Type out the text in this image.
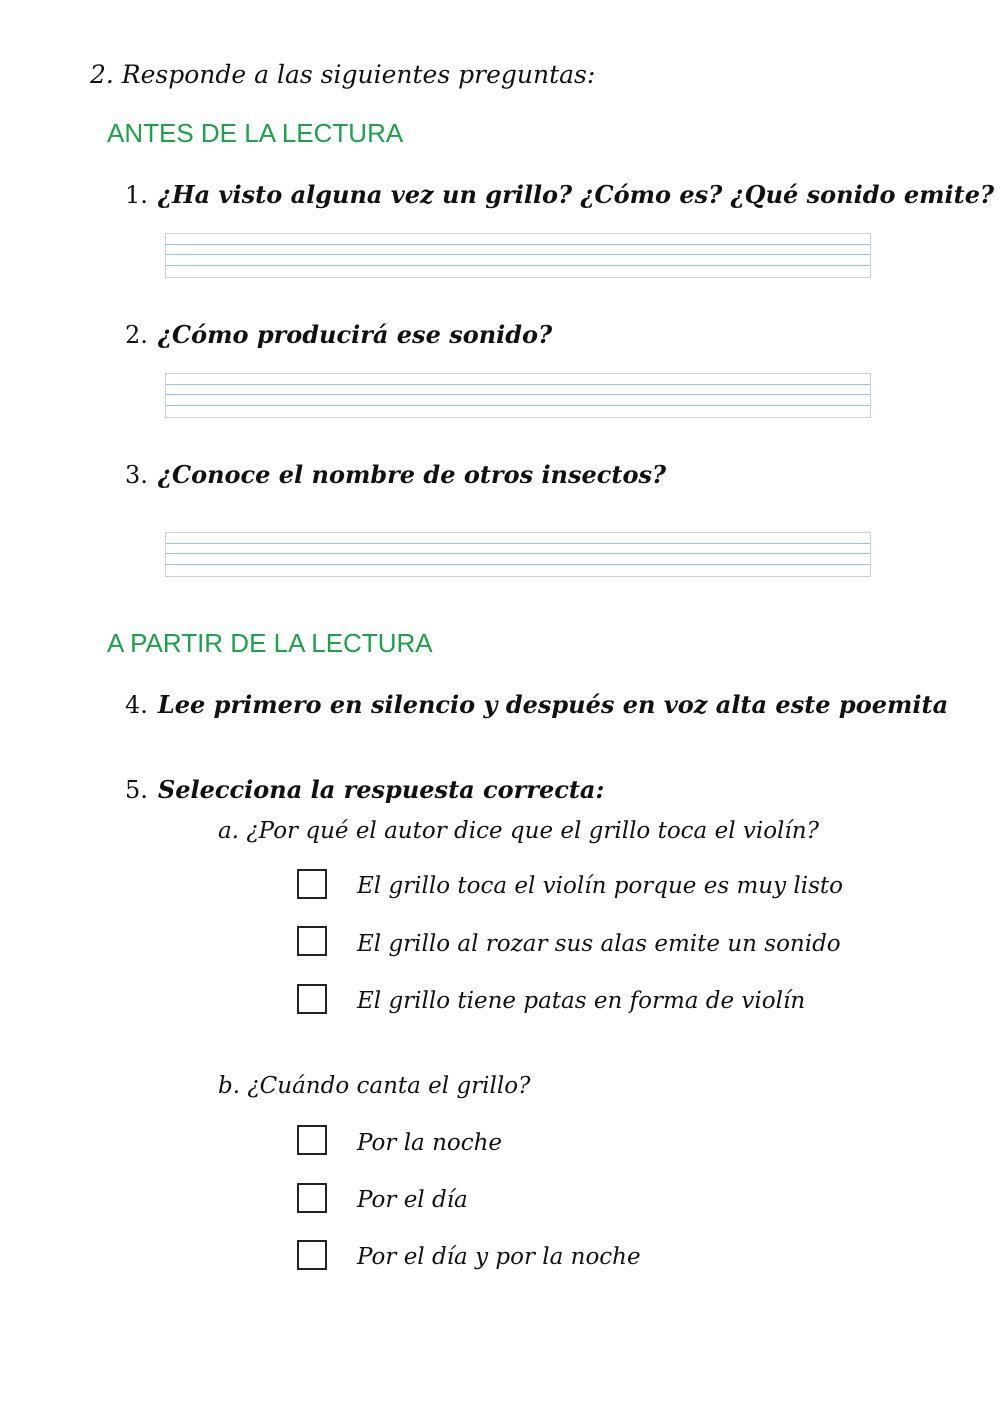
2. Responde a las siguientes preguntas:
ANTES DE LA LECTURA
1. ¿Ha visto alguna vez un grillo? ¿Cómo es? ¿Qué sonido emite?
2. ¿Cómo producirá ese sonido?
3. ¿Conoce el nombre de otros insectos?
A PARTIR DE LA LECTURA
4. Lee primero en silencio y después en voz alta este poemita
5. Selecciona la respuesta correcta:
a. ¿Por qué el autor dice que el grillo toca el violín?
El grillo toca el violín porque es muy listo
El grillo al rozar sus alas emite un sonido
El grillo tiene patas en forma de violín
b. ¿Cuándo canta el grillo?
Por la noche
Por el día
Por el día y por la noche
